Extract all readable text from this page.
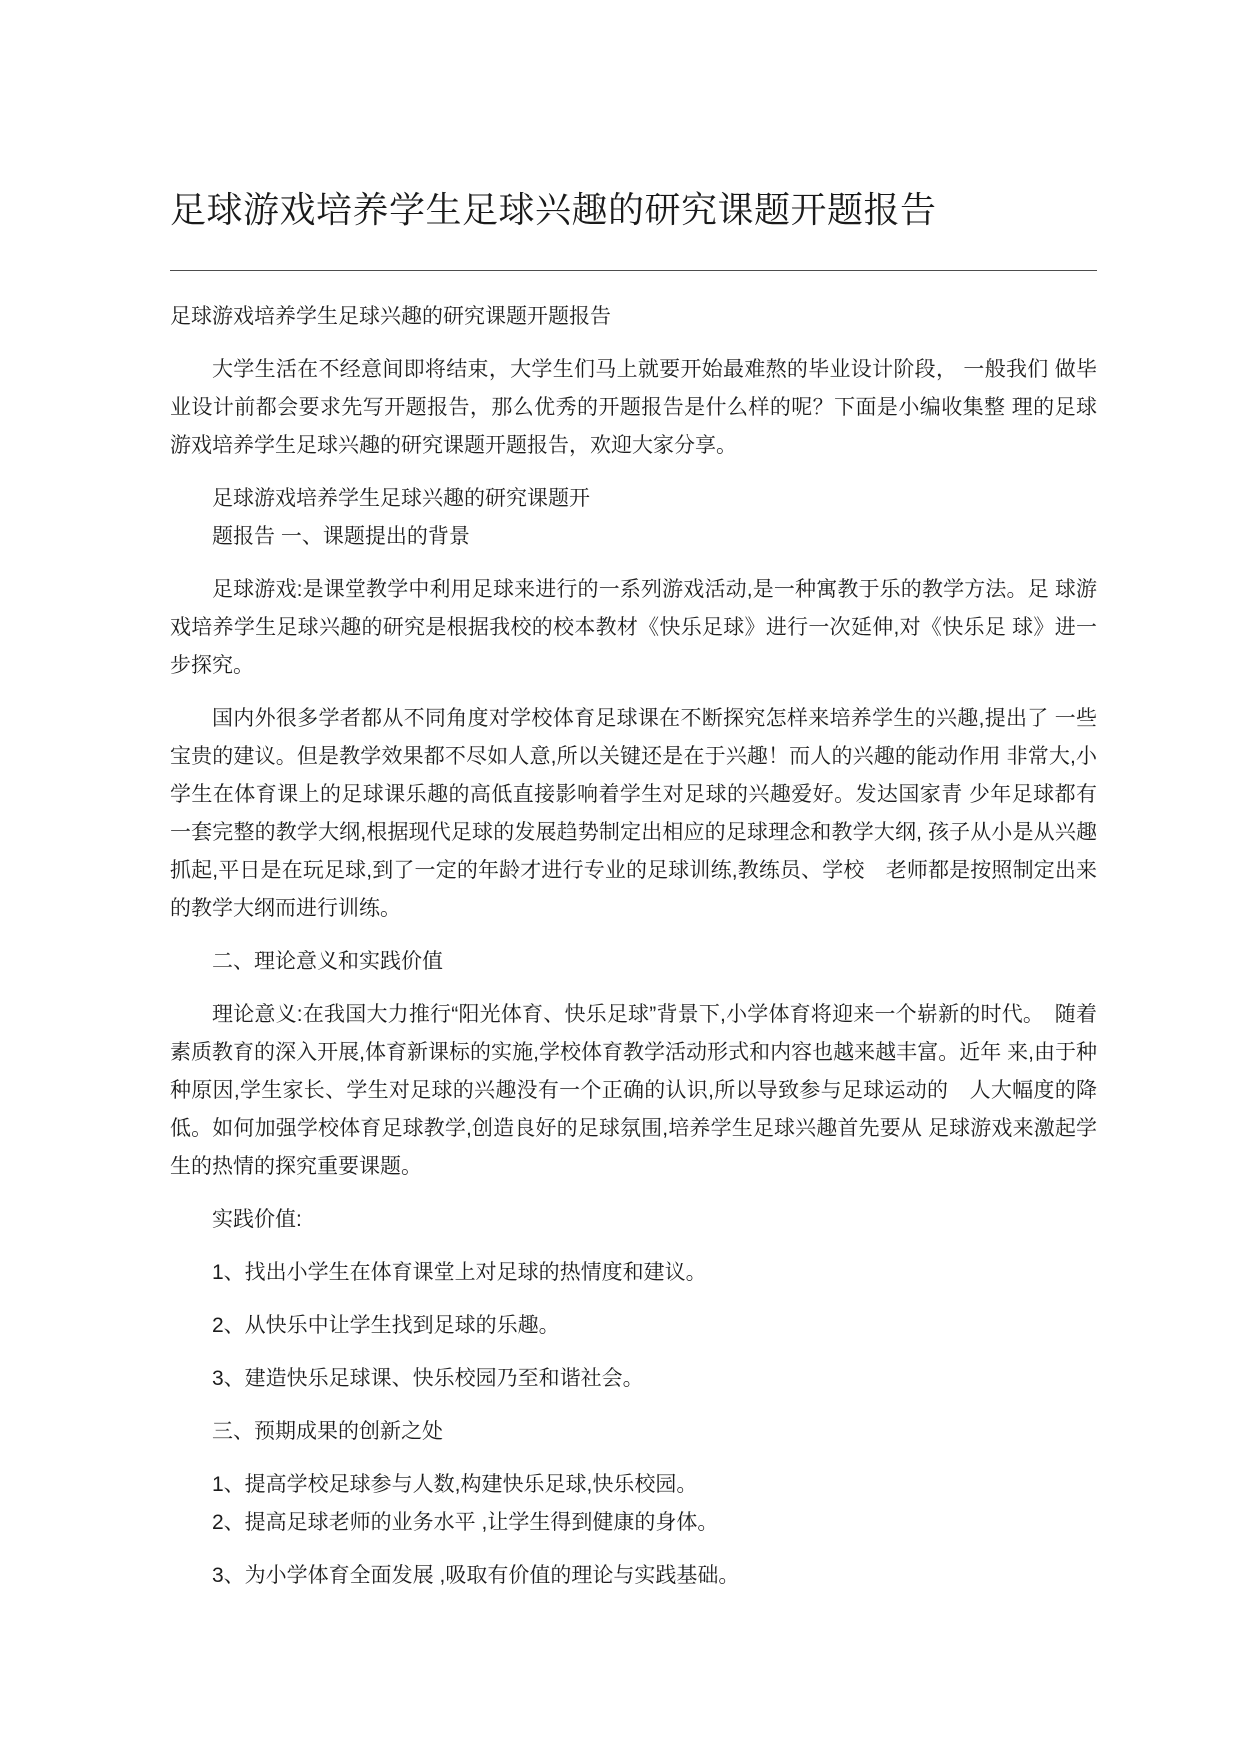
足球游戏培养学生足球兴趣的研究课题开题报告

足球游戏培养学生足球兴趣的研究课题开题报告

大学生活在不经意间即将结束，大学生们马上就要开始最难熬的毕业设计阶段， 一般我们 做毕业设计前都会要求先写开题报告，那么优秀的开题报告是什么样的呢？下面是小编收集整 理的足球游戏培养学生足球兴趣的研究课题开题报告，欢迎大家分享。

足球游戏培养学生足球兴趣的研究课题开

题报告 一、课题提出的背景

足球游戏:是课堂教学中利用足球来进行的一系列游戏活动,是一种寓教于乐的教学方法。足 球游戏培养学生足球兴趣的研究是根据我校的校本教材《快乐足球》进行一次延伸,对《快乐足 球》进一步探究。

国内外很多学者都从不同角度对学校体育足球课在不断探究怎样来培养学生的兴趣,提出了 一些宝贵的建议。但是教学效果都不尽如人意,所以关键还是在于兴趣！而人的兴趣的能动作用 非常大,小学生在体育课上的足球课乐趣的高低直接影响着学生对足球的兴趣爱好。发达国家青 少年足球都有一套完整的教学大纲,根据现代足球的发展趋势制定出相应的足球理念和教学大纲, 孩子从小是从兴趣抓起,平日是在玩足球,到了一定的年龄才进行专业的足球训练,教练员、学校　老师都是按照制定出来的教学大纲而进行训练。

二、理论意义和实践价值

理论意义:在我国大力推行“阳光体育、快乐足球”背景下,小学体育将迎来一个崭新的时代。　随着素质教育的深入开展,体育新课标的实施,学校体育教学活动形式和内容也越来越丰富。近年 来,由于种种原因,学生家长、学生对足球的兴趣没有一个正确的认识,所以导致参与足球运动的　人大幅度的降低。如何加强学校体育足球教学,创造良好的足球氛围,培养学生足球兴趣首先要从 足球游戏来激起学生的热情的探究重要课题。

实践价值:

1、找出小学生在体育课堂上对足球的热情度和建议。

2、从快乐中让学生找到足球的乐趣。

3、建造快乐足球课、快乐校园乃至和谐社会。

三、预期成果的创新之处

1、提高学校足球参与人数,构建快乐足球,快乐校园。

2、提高足球老师的业务水平 ,让学生得到健康的身体。

3、为小学体育全面发展 ,吸取有价值的理论与实践基础。
